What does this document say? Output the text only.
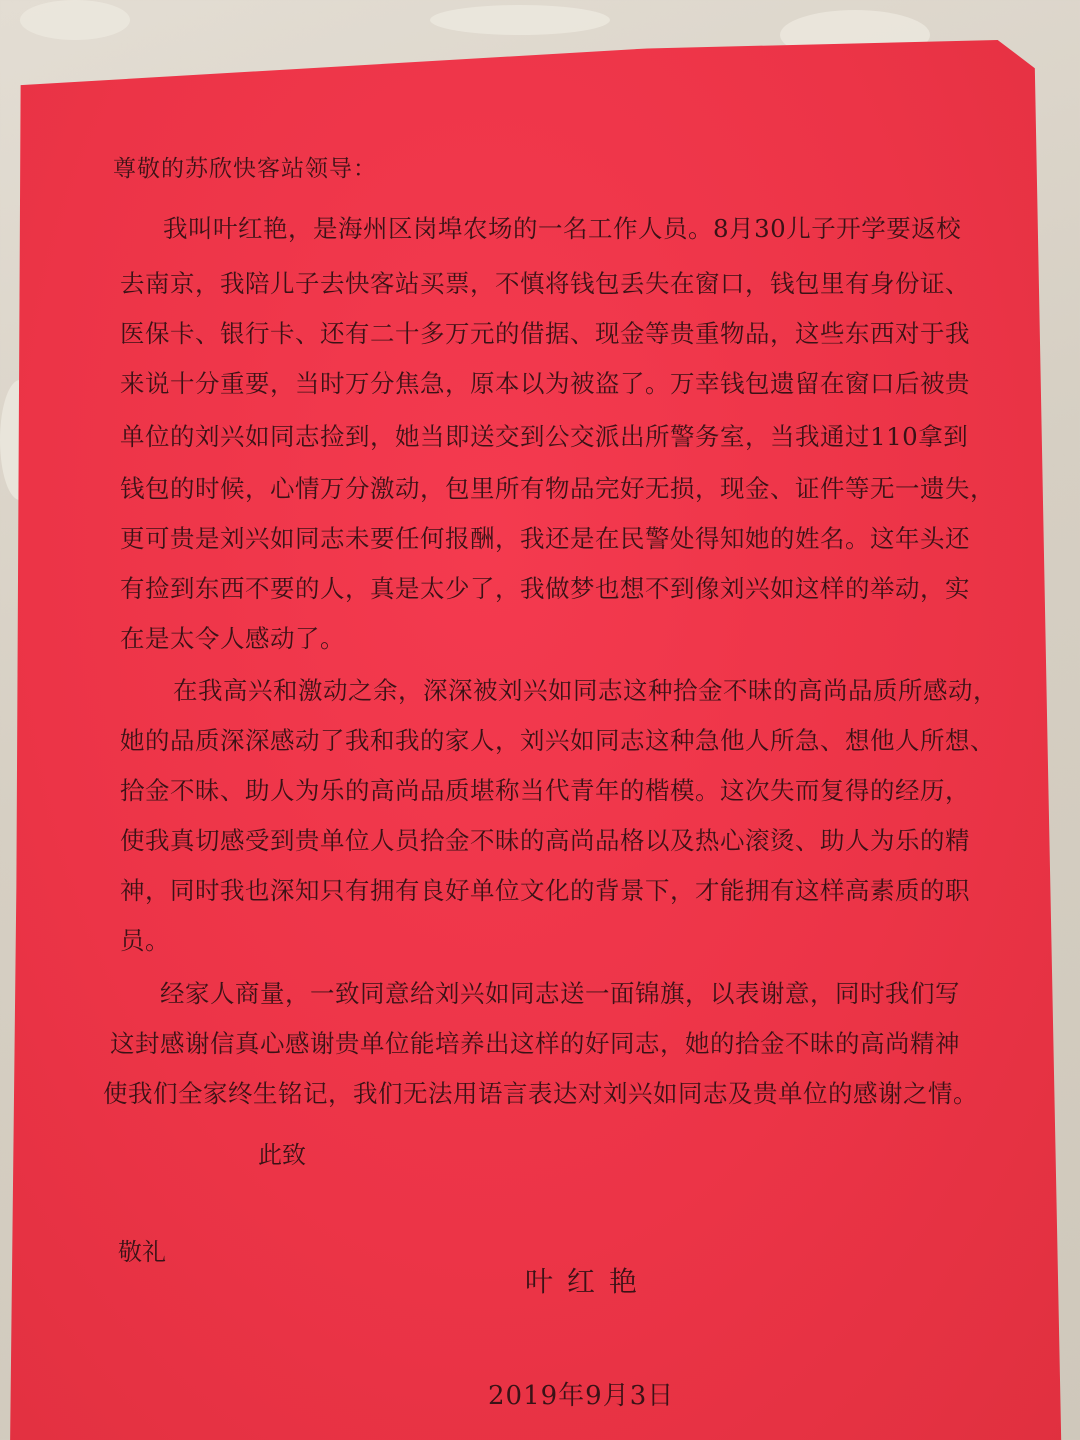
尊敬的苏欣快客站领导：

我叫叶红艳，是海州区岗埠农场的一名工作人员。8月30儿子开学要返校

去南京，我陪儿子去快客站买票，不慎将钱包丢失在窗口，钱包里有身份证、

医保卡、银行卡、还有二十多万元的借据、现金等贵重物品，这些东西对于我

来说十分重要，当时万分焦急，原本以为被盗了。万幸钱包遗留在窗口后被贵

单位的刘兴如同志捡到，她当即送交到公交派出所警务室，当我通过110拿到

钱包的时候，心情万分激动，包里所有物品完好无损，现金、证件等无一遗失，

更可贵是刘兴如同志未要任何报酬，我还是在民警处得知她的姓名。这年头还

有捡到东西不要的人，真是太少了，我做梦也想不到像刘兴如这样的举动，实

在是太令人感动了。

在我高兴和激动之余，深深被刘兴如同志这种拾金不昧的高尚品质所感动，

她的品质深深感动了我和我的家人，刘兴如同志这种急他人所急、想他人所想、

拾金不昧、助人为乐的高尚品质堪称当代青年的楷模。这次失而复得的经历，

使我真切感受到贵单位人员拾金不昧的高尚品格以及热心滚烫、助人为乐的精

神，同时我也深知只有拥有良好单位文化的背景下，才能拥有这样高素质的职

员。

经家人商量，一致同意给刘兴如同志送一面锦旗，以表谢意，同时我们写

这封感谢信真心感谢贵单位能培养出这样的好同志，她的拾金不昧的高尚精神

使我们全家终生铭记，我们无法用语言表达对刘兴如同志及贵单位的感谢之情。

此致

敬礼

叶红艳

2019年9月3日
